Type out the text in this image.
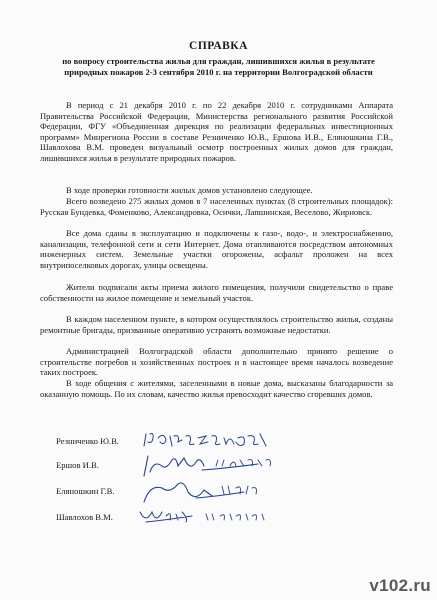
СПРАВКА
по вопросу строительства жилья для граждан, лишившихся жилья в результате природных пожаров 2-3 сентября 2010 г. на территории Волгоградской области
В период с 21 декабря 2010 г. по 22 декабря 2010 г. сотрудниками Аппарата Правительства Российской Федерации, Министерства регионального развития Российской Федерации, ФГУ «Объединенная дирекция по реализации федеральных инвестиционных программ» Минрегиона России в составе Резниченко Ю.В., Ершова И.В., Еляношкина Г.В., Шавлохова В.М. проведен визуальный осмотр построенных жилых домов для граждан, лишившихся жилья в результате природных пожаров.
В ходе проверки готовности жилых домов установлено следующее.
Всего возведено 275 жилых домов в 7 населенных пунктах (8 строительных площадок): Русская Бундевка, Фоменково, Александровка, Осички, Лапшинская, Веселово, Жирновск.
Все дома сданы в эксплуатацию и подключены к газо-, водо-, и электроснабжению, канализации, телефонной сети и сети Интернет. Дома отапливаются посредством автономных инженерных систем. Земельные участки огорожены, асфальт проложен на всех внутрипоселковых дорогах, улицы освещены.
Жители подписали акты приема жилого помещения, получили свидетельство о праве собственности на жилое помещение и земельный участок.
В каждом населенном пункте, в котором осуществлялось строительство жилья, созданы ремонтные бригады, призванные оперативно устранять возможные недостатки.
Администрацией Волгоградской области дополнительно принято решение о строительстве погребов и хозяйственных построек и в настоящее время началось возведение таких построек.
В ходе общения с жителями, заселенными в новые дома, высказаны благодарности за оказанную помощь. По их словам, качество жилья превосходит качество сгоревших домов.
Резниченко Ю.В.
Ершов И.В.
Еляношкин Г.В.
Шавлохов В.М.
v102.ru
